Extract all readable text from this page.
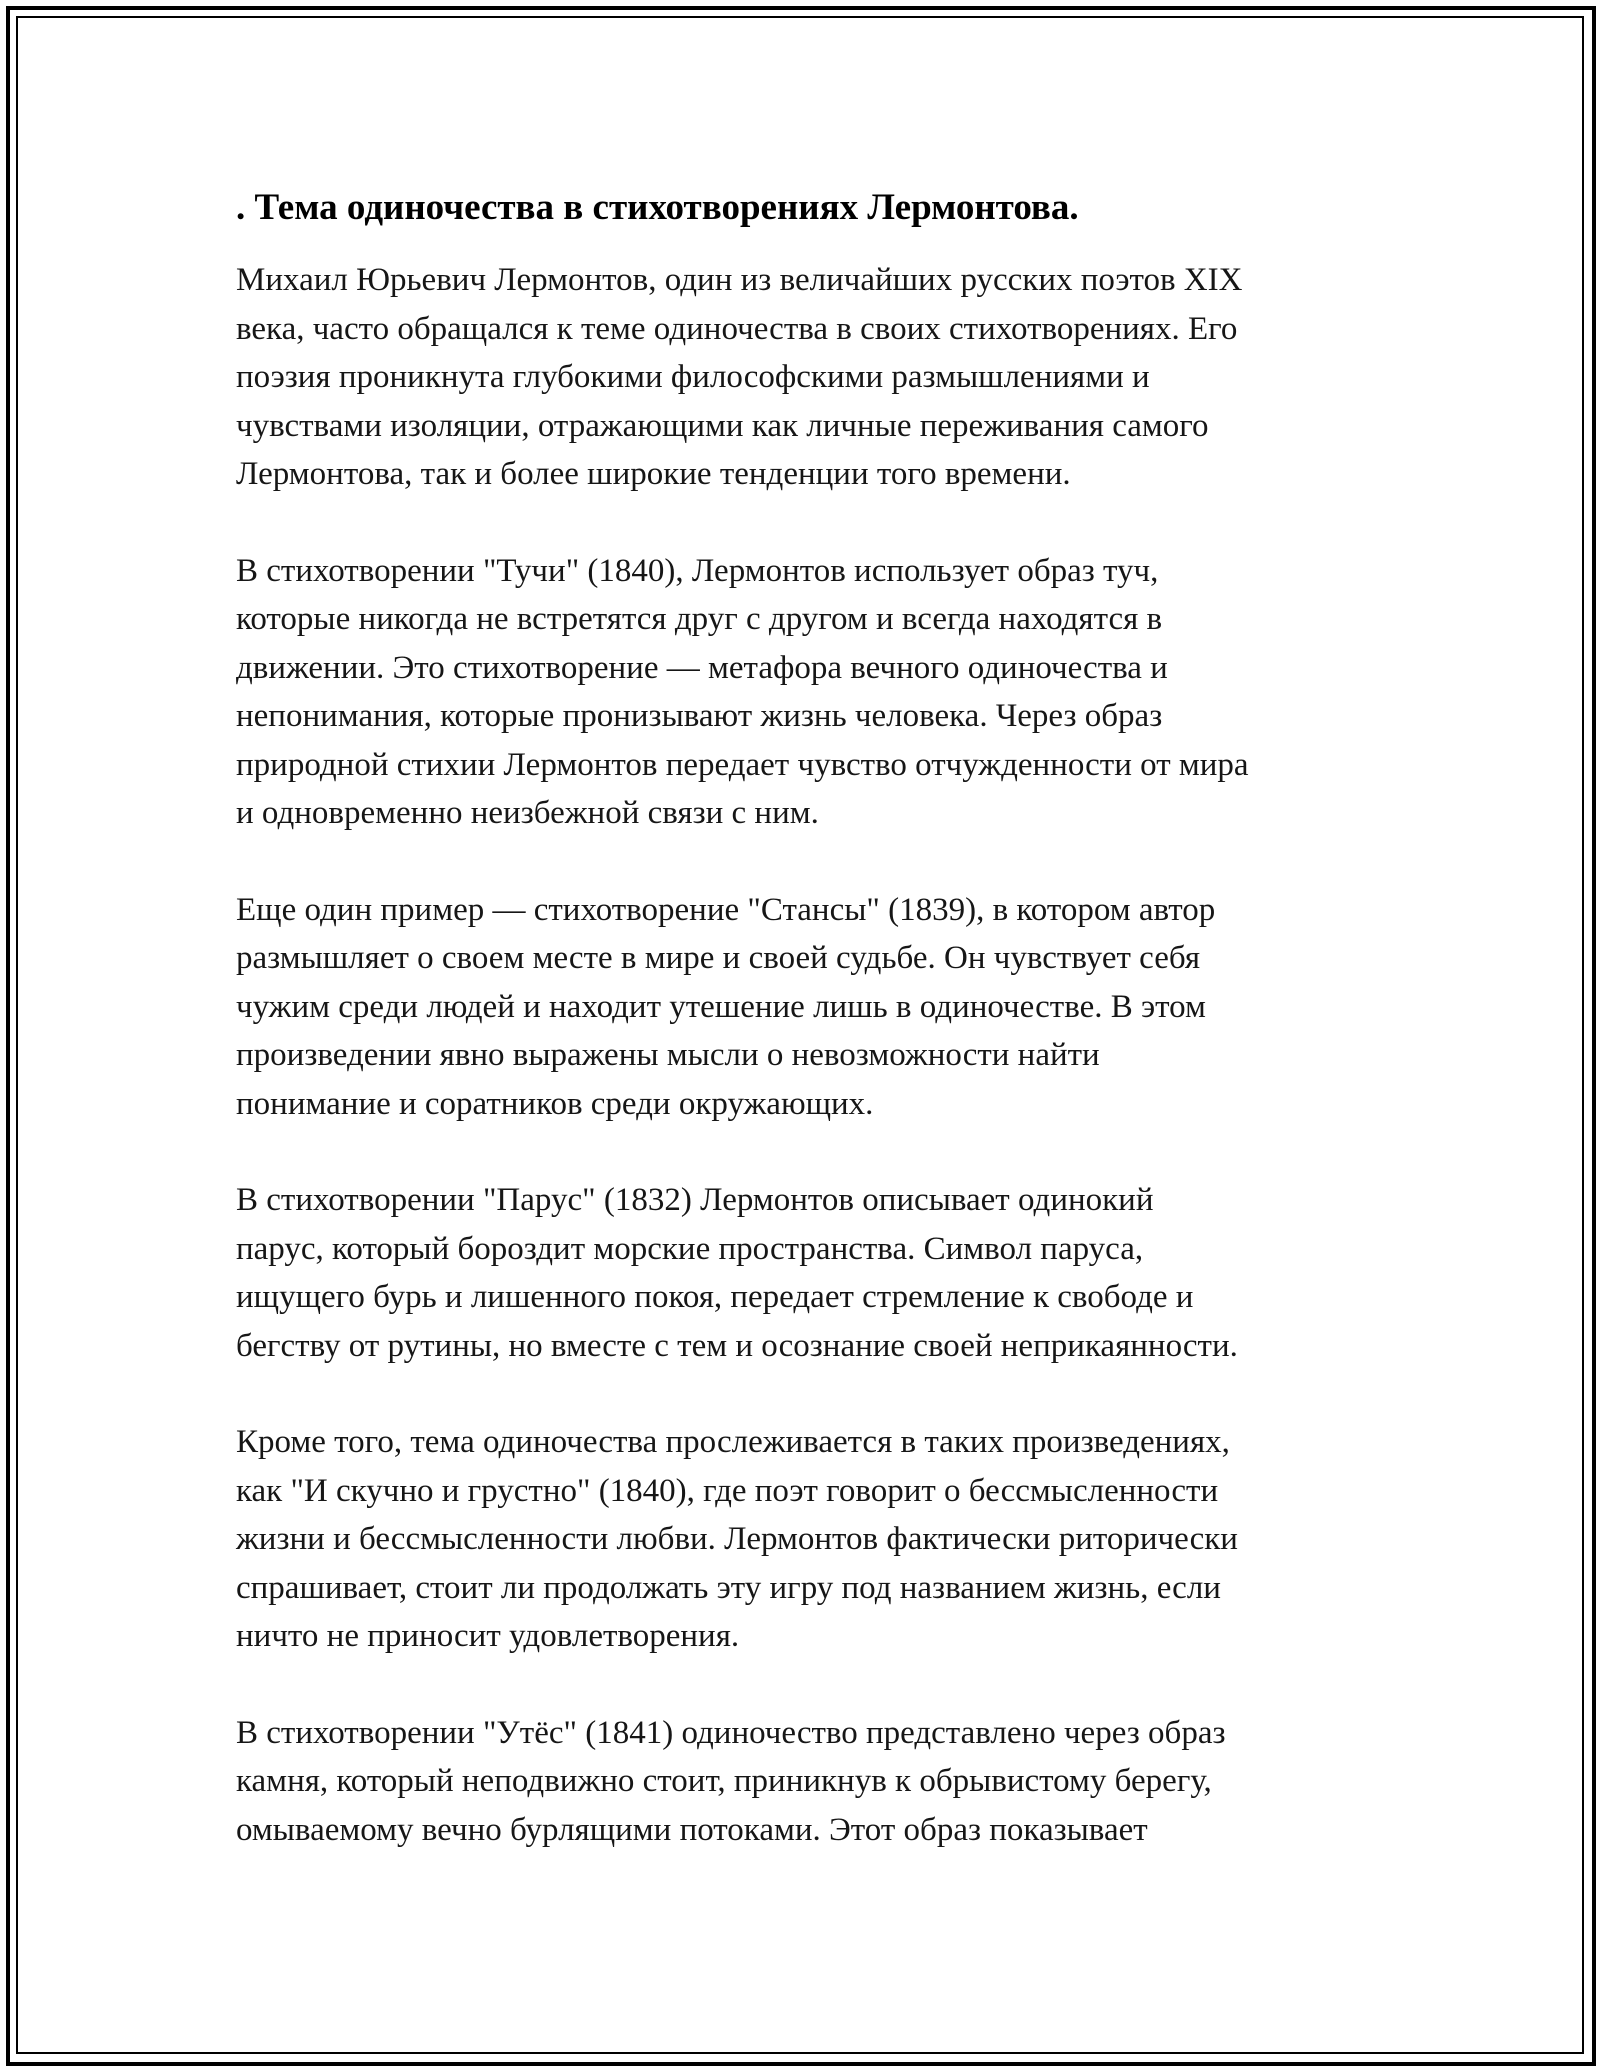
. Тема одиночества в стихотворениях Лермонтова.
Михаил Юрьевич Лермонтов, один из величайших русских поэтов XIX
века, часто обращался к теме одиночества в своих стихотворениях. Его
поэзия проникнута глубокими философскими размышлениями и
чувствами изоляции, отражающими как личные переживания самого
Лермонтова, так и более широкие тенденции того времени.
В стихотворении "Тучи" (1840), Лермонтов использует образ туч,
которые никогда не встретятся друг с другом и всегда находятся в
движении. Это стихотворение — метафора вечного одиночества и
непонимания, которые пронизывают жизнь человека. Через образ
природной стихии Лермонтов передает чувство отчужденности от мира
и одновременно неизбежной связи с ним.
Еще один пример — стихотворение "Стансы" (1839), в котором автор
размышляет о своем месте в мире и своей судьбе. Он чувствует себя
чужим среди людей и находит утешение лишь в одиночестве. В этом
произведении явно выражены мысли о невозможности найти
понимание и соратников среди окружающих.
В стихотворении "Парус" (1832) Лермонтов описывает одинокий
парус, который бороздит морские пространства. Символ паруса,
ищущего бурь и лишенного покоя, передает стремление к свободе и
бегству от рутины, но вместе с тем и осознание своей неприкаянности.
Кроме того, тема одиночества прослеживается в таких произведениях,
как "И скучно и грустно" (1840), где поэт говорит о бессмысленности
жизни и бессмысленности любви. Лермонтов фактически риторически
спрашивает, стоит ли продолжать эту игру под названием жизнь, если
ничто не приносит удовлетворения.
В стихотворении "Утёс" (1841) одиночество представлено через образ
камня, который неподвижно стоит, приникнув к обрывистому берегу,
омываемому вечно бурлящими потоками. Этот образ показывает
